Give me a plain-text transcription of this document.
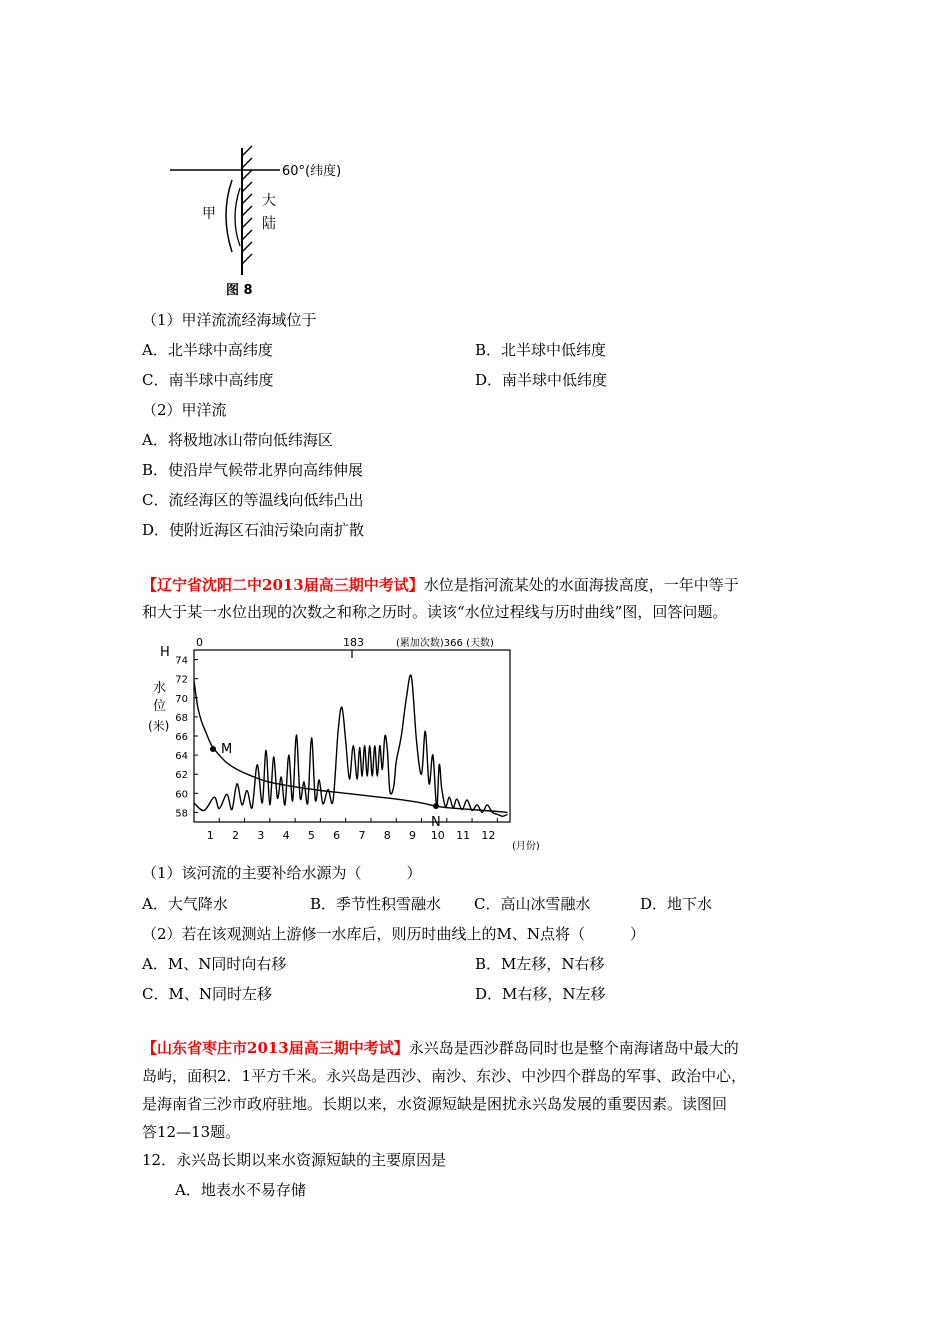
60°(纬度)
甲
大
陆
图 8
（1）甲洋流流经海域位于
A．北半球中高纬度	B．北半球中低纬度
C．南半球中高纬度	D．南半球中低纬度
（2）甲洋流
A．将极地冰山带向低纬海区
B．使沿岸气候带北界向高纬伸展
C．流经海区的等温线向低纬凸出
D．使附近海区石油污染向南扩散
【辽宁省沈阳二中2013届高三期中考试】水位是指河流某处的水面海拔高度，一年中等于
和大于某一水位出现的次数之和称之历时。读该“水位过程线与历时曲线”图，回答问题。
74
72
70
68
66
64
62
60
58
1 2 3 4 5 6 7 8 9 10 11 12
M
N
0	183	(累加次数)366 (天数)
H
水
位
(米)
(月份)
（1）该河流的主要补给水源为（　　　）
A．大气降水	B．季节性积雪融水 C．高山冰雪融水	D．地下水
（2）若在该观测站上游修一水库后，则历时曲线上的M、N点将（　　　）
A．M、N同时向右移	B．M左移，N右移
C．M、N同时左移	D．M右移，N左移
【山东省枣庄市2013届高三期中考试】永兴岛是西沙群岛同时也是整个南海诸岛中最大的
岛屿，面积2．1平方千米。永兴岛是西沙、南沙、东沙、中沙四个群岛的军事、政治中心，
是海南省三沙市政府驻地。长期以来，水资源短缺是困扰永兴岛发展的重要因素。读图回
答12—13题。
12．永兴岛长期以来水资源短缺的主要原因是
A．地表水不易存储
